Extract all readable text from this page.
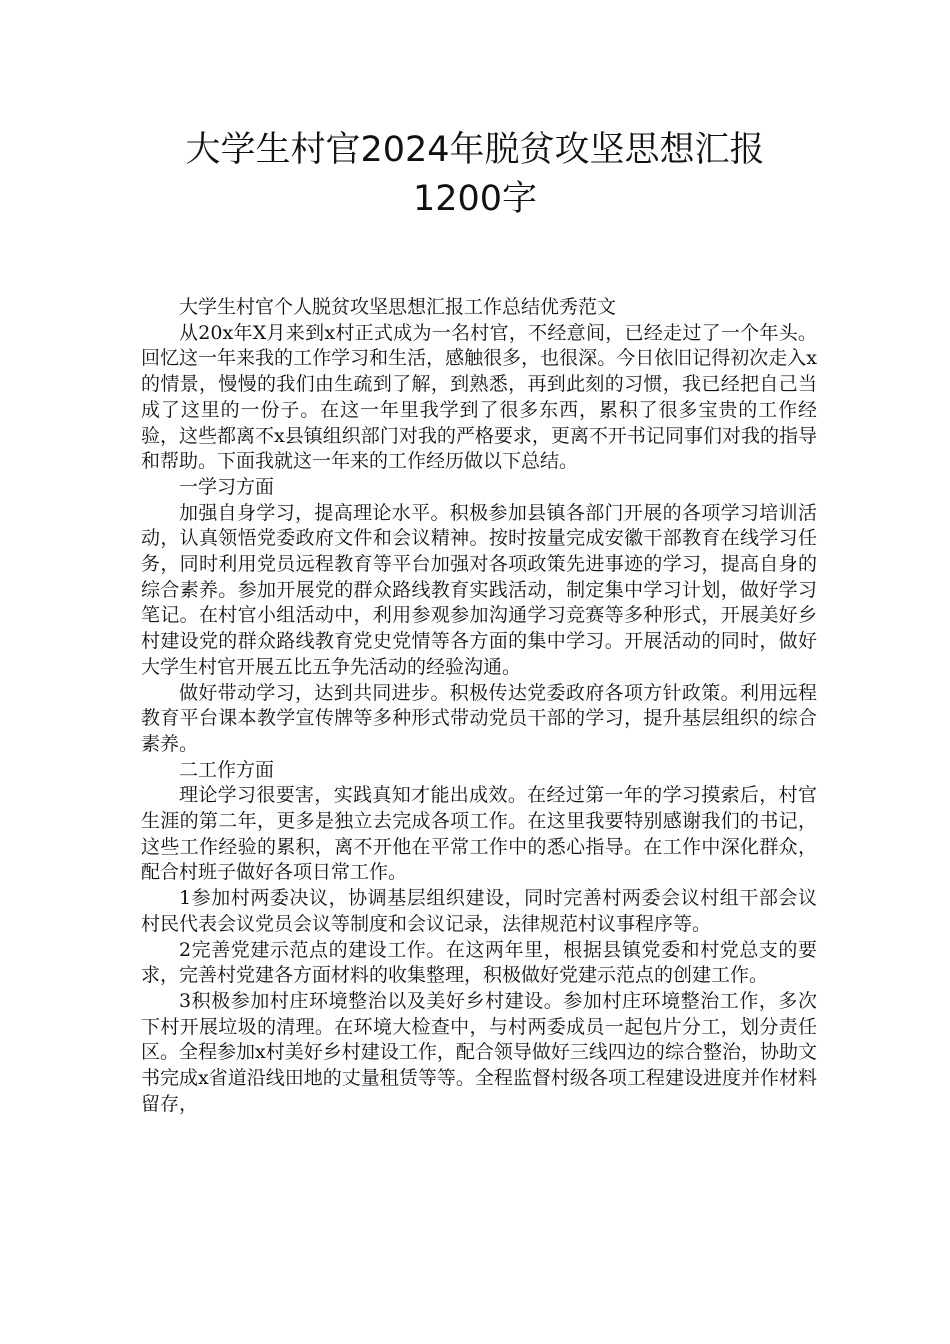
大学生村官2024年脱贫攻坚思想汇报
1200字

大学生村官个人脱贫攻坚思想汇报工作总结优秀范文

从20x年X月来到x村正式成为一名村官，不经意间，已经走过了一个年头。回忆这一年来我的工作学习和生活，感触很多，也很深。今日依旧记得初次走入x的情景，慢慢的我们由生疏到了解，到熟悉，再到此刻的习惯，我已经把自己当成了这里的一份子。在这一年里我学到了很多东西，累积了很多宝贵的工作经验，这些都离不x县镇组织部门对我的严格要求，更离不开书记同事们对我的指导和帮助。下面我就这一年来的工作经历做以下总结。

一学习方面

加强自身学习，提高理论水平。积极参加县镇各部门开展的各项学习培训活动，认真领悟党委政府文件和会议精神。按时按量完成安徽干部教育在线学习任务，同时利用党员远程教育等平台加强对各项政策先进事迹的学习，提高自身的综合素养。参加开展党的群众路线教育实践活动，制定集中学习计划，做好学习笔记。在村官小组活动中，利用参观参加沟通学习竞赛等多种形式，开展美好乡村建设党的群众路线教育党史党情等各方面的集中学习。开展活动的同时，做好大学生村官开展五比五争先活动的经验沟通。

做好带动学习，达到共同进步。积极传达党委政府各项方针政策。利用远程教育平台课本教学宣传牌等多种形式带动党员干部的学习，提升基层组织的综合素养。

二工作方面

理论学习很要害，实践真知才能出成效。在经过第一年的学习摸索后，村官生涯的第二年，更多是独立去完成各项工作。在这里我要特别感谢我们的书记，这些工作经验的累积，离不开他在平常工作中的悉心指导。在工作中深化群众，配合村班子做好各项日常工作。

1参加村两委决议，协调基层组织建设，同时完善村两委会议村组干部会议村民代表会议党员会议等制度和会议记录，法律规范村议事程序等。

2完善党建示范点的建设工作。在这两年里，根据县镇党委和村党总支的要求，完善村党建各方面材料的收集整理，积极做好党建示范点的创建工作。

3积极参加村庄环境整治以及美好乡村建设。参加村庄环境整治工作，多次下村开展垃圾的清理。在环境大检查中，与村两委成员一起包片分工，划分责任区。全程参加x村美好乡村建设工作，配合领导做好三线四边的综合整治，协助文书完成x省道沿线田地的丈量租赁等等。全程监督村级各项工程建设进度并作材料留存，
